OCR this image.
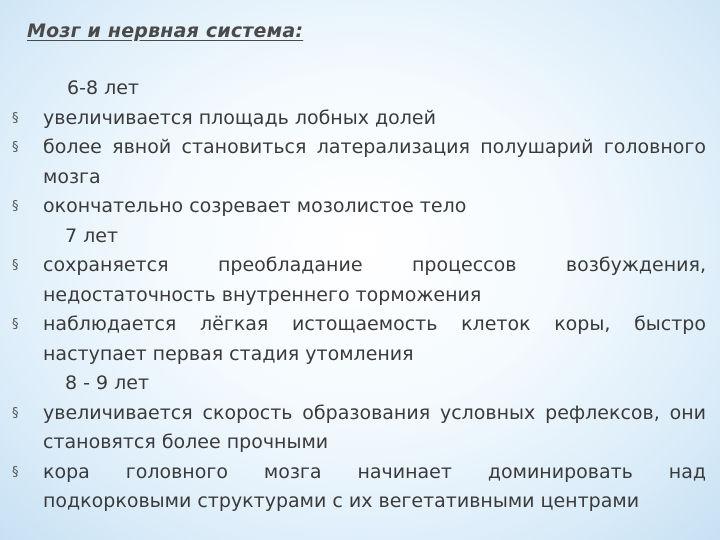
Мозг и нервная система:
6-8 лет
§	увеличивается площадь лобных долей
§	более явной становиться латерализация полушарий головного мозга
§	окончательно созревает мозолистое тело
7 лет
§	сохраняется преобладание процессов возбуждения, недостаточность внутреннего торможения
§	наблюдается лёгкая истощаемость клеток коры, быстро наступает первая стадия утомления
8 - 9 лет
§	увеличивается скорость образования условных рефлексов, они становятся более прочными
§	кора головного мозга начинает доминировать над подкорковыми структурами с их вегетативными центрами
